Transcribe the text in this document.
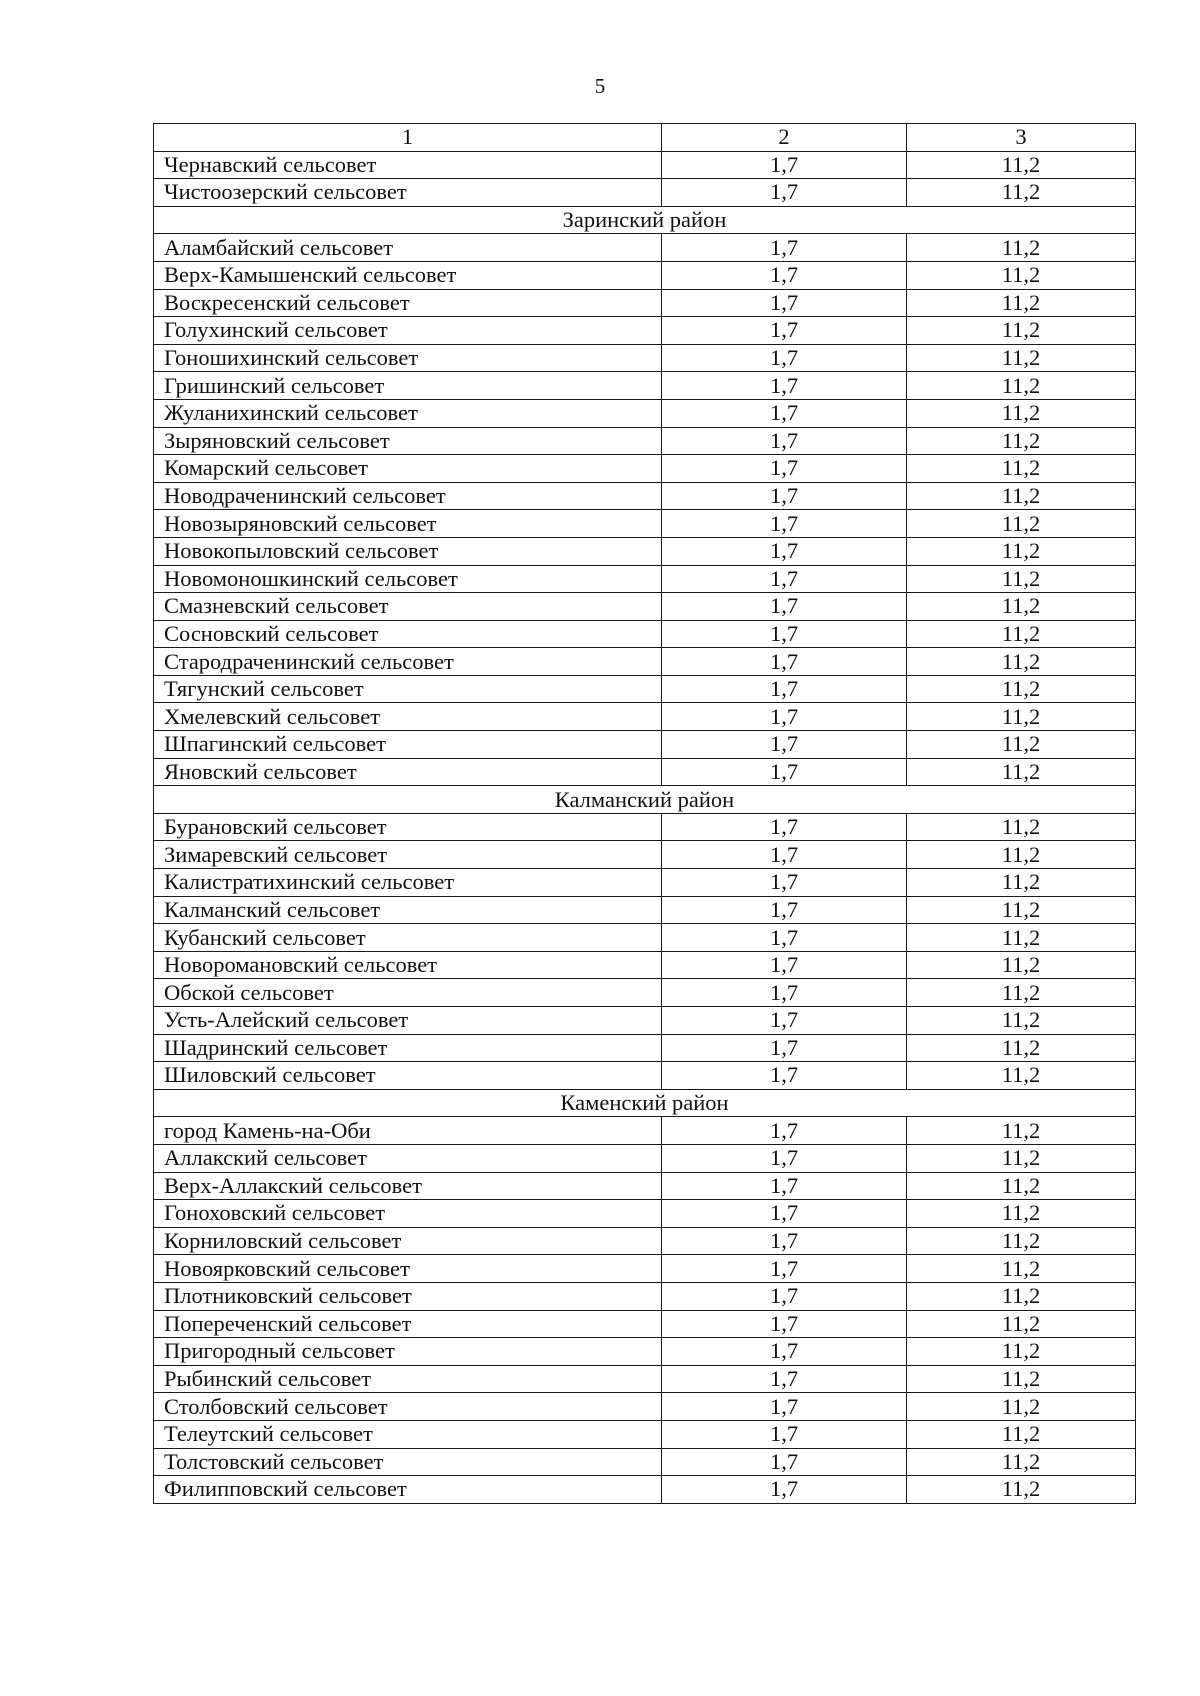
5
1	2	3
Чернавский сельсовет	1,7	11,2
Чистоозерский сельсовет	1,7	11,2
Заринский район		
Аламбайский сельсовет	1,7	11,2
Верх-Камышенский сельсовет	1,7	11,2
Воскресенский сельсовет	1,7	11,2
Голухинский сельсовет	1,7	11,2
Гоношихинский сельсовет	1,7	11,2
Гришинский сельсовет	1,7	11,2
Жуланихинский сельсовет	1,7	11,2
Зыряновский сельсовет	1,7	11,2
Комарский сельсовет	1,7	11,2
Новодраченинский сельсовет	1,7	11,2
Новозыряновский сельсовет	1,7	11,2
Новокопыловский сельсовет	1,7	11,2
Новомоношкинский сельсовет	1,7	11,2
Смазневский сельсовет	1,7	11,2
Сосновский сельсовет	1,7	11,2
Стародраченинский сельсовет	1,7	11,2
Тягунский сельсовет	1,7	11,2
Хмелевский сельсовет	1,7	11,2
Шпагинский сельсовет	1,7	11,2
Яновский сельсовет	1,7	11,2
Калманский район		
Бурановский сельсовет	1,7	11,2
Зимаревский сельсовет	1,7	11,2
Калистратихинский сельсовет	1,7	11,2
Калманский сельсовет	1,7	11,2
Кубанский сельсовет	1,7	11,2
Новоромановский сельсовет	1,7	11,2
Обской сельсовет	1,7	11,2
Усть-Алейский сельсовет	1,7	11,2
Шадринский сельсовет	1,7	11,2
Шиловский сельсовет	1,7	11,2
Каменский район		
город Камень-на-Оби	1,7	11,2
Аллакский сельсовет	1,7	11,2
Верх-Аллакский сельсовет	1,7	11,2
Гоноховский сельсовет	1,7	11,2
Корниловский сельсовет	1,7	11,2
Новоярковский сельсовет	1,7	11,2
Плотниковский сельсовет	1,7	11,2
Попереченский сельсовет	1,7	11,2
Пригородный сельсовет	1,7	11,2
Рыбинский сельсовет	1,7	11,2
Столбовский сельсовет	1,7	11,2
Телеутский сельсовет	1,7	11,2
Толстовский сельсовет	1,7	11,2
Филипповский сельсовет	1,7	11,2
